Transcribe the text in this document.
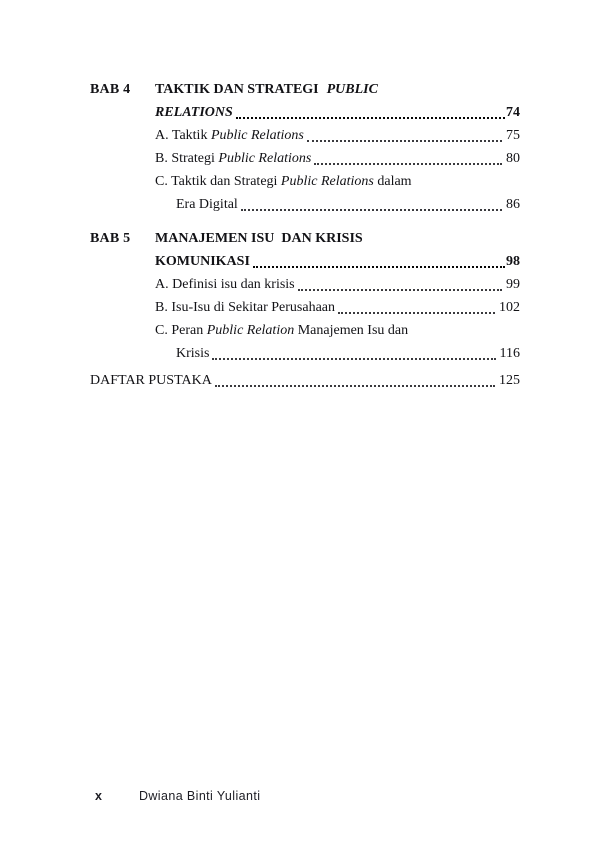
BAB 4	TAKTIK DAN STRATEGI PUBLIC
RELATIONS	74
A. Taktik Public Relations	75
B. Strategi Public Relations	80
C. Taktik dan Strategi Public Relations dalam
Era Digital	86
BAB 5	MANAJEMEN ISU  DAN KRISIS
KOMUNIKASI	98
A. Definisi isu dan krisis	99
B. Isu-Isu di Sekitar Perusahaan	102
C. Peran Public Relation Manajemen Isu dan
Krisis	116
DAFTAR PUSTAKA	125
x	Dwiana Binti Yulianti
